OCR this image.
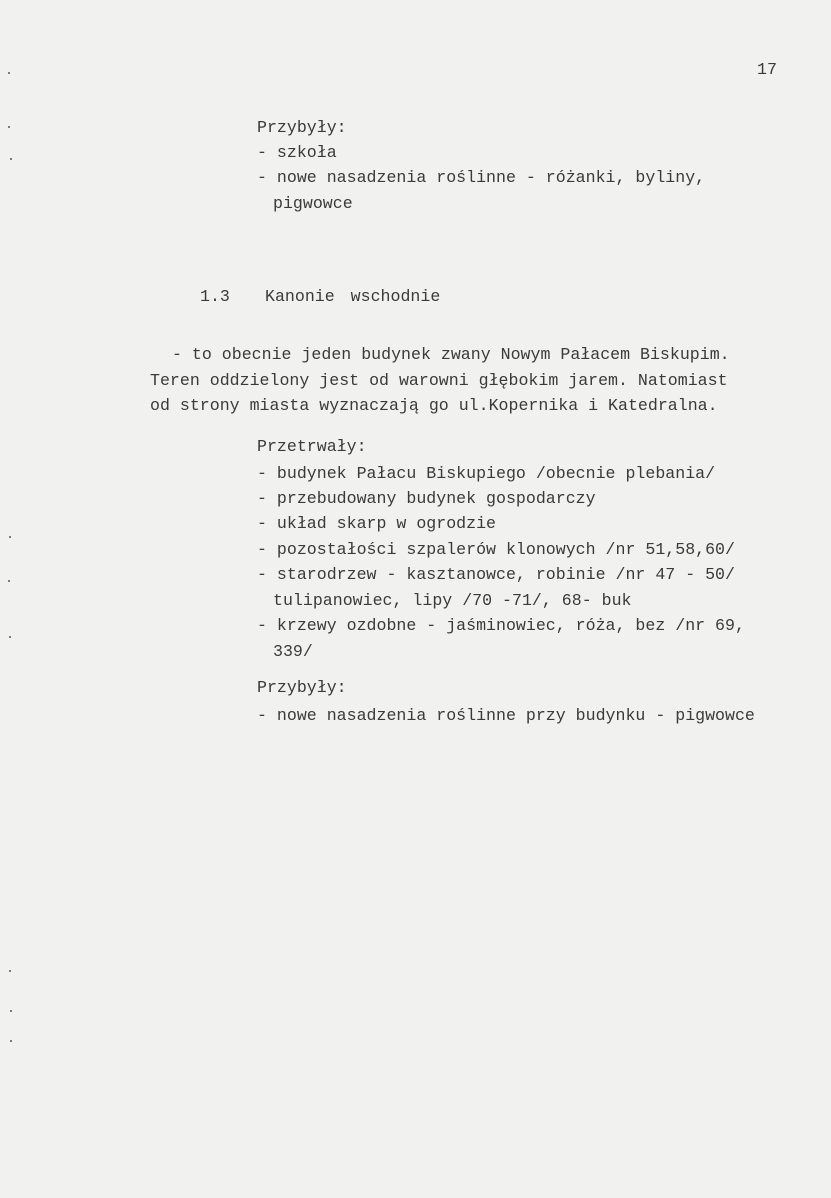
17
Przybyły:
- szkoła
- nowe nasadzenia roślinne - różanki, byliny,
pigwowce
1.3 Kanonie wschodnie
- to obecnie jeden budynek zwany Nowym Pałacem Biskupim.
Teren oddzielony jest od warowni głębokim jarem. Natomiast
od strony miasta wyznaczają go ul.Kopernika i Katedralna.
Przetrwały:
- budynek Pałacu Biskupiego /obecnie plebania/
- przebudowany budynek gospodarczy
- układ skarp w ogrodzie
- pozostałości szpalerów klonowych /nr 51,58,60/
- starodrzew - kasztanowce, robinie /nr 47 - 50/
tulipanowiec, lipy /70 -71/, 68- buk
- krzewy ozdobne - jaśminowiec, róża, bez /nr 69,
339/
Przybyły:
- nowe nasadzenia roślinne przy budynku - pigwowce
